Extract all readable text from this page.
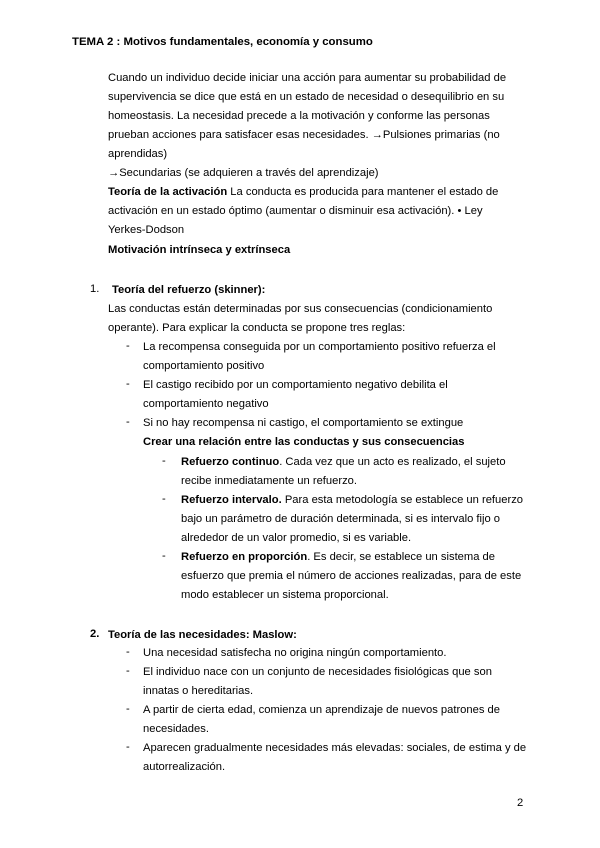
TEMA 2 : Motivos fundamentales, economía y consumo
Cuando un individuo decide iniciar una acción para aumentar su probabilidad de
supervivencia se dice que está en un estado de necesidad o desequilibrio en su
homeostasis. La necesidad precede a la motivación y conforme las personas
prueban acciones para satisfacer esas necesidades. →Pulsiones primarias (no
aprendidas)
→Secundarias (se adquieren a través del aprendizaje)
Teoría de la activación La conducta es producida para mantener el estado de
activación en un estado óptimo (aumentar o disminuir esa activación). • Ley
Yerkes-Dodson
Motivación intrínseca y extrínseca
1. Teoría del refuerzo (skinner):
Las conductas están determinadas por sus consecuencias (condicionamiento
operante). Para explicar la conducta se propone tres reglas:
- La recompensa conseguida por un comportamiento positivo refuerza el
comportamiento positivo
- El castigo recibido por un comportamiento negativo debilita el
comportamiento negativo
- Si no hay recompensa ni castigo, el comportamiento se extingue
Crear una relación entre las conductas y sus consecuencias
- Refuerzo continuo. Cada vez que un acto es realizado, el sujeto
recibe inmediatamente un refuerzo.
- Refuerzo intervalo. Para esta metodología se establece un refuerzo
bajo un parámetro de duración determinada, si es intervalo fijo o
alrededor de un valor promedio, si es variable.
- Refuerzo en proporción. Es decir, se establece un sistema de
esfuerzo que premia el número de acciones realizadas, para de este
modo establecer un sistema proporcional.
2. Teoría de las necesidades: Maslow:
- Una necesidad satisfecha no origina ningún comportamiento.
- El individuo nace con un conjunto de necesidades fisiológicas que son
innatas o hereditarias.
- A partir de cierta edad, comienza un aprendizaje de nuevos patrones de
necesidades.
- Aparecen gradualmente necesidades más elevadas: sociales, de estima y de
autorrealización.
2
